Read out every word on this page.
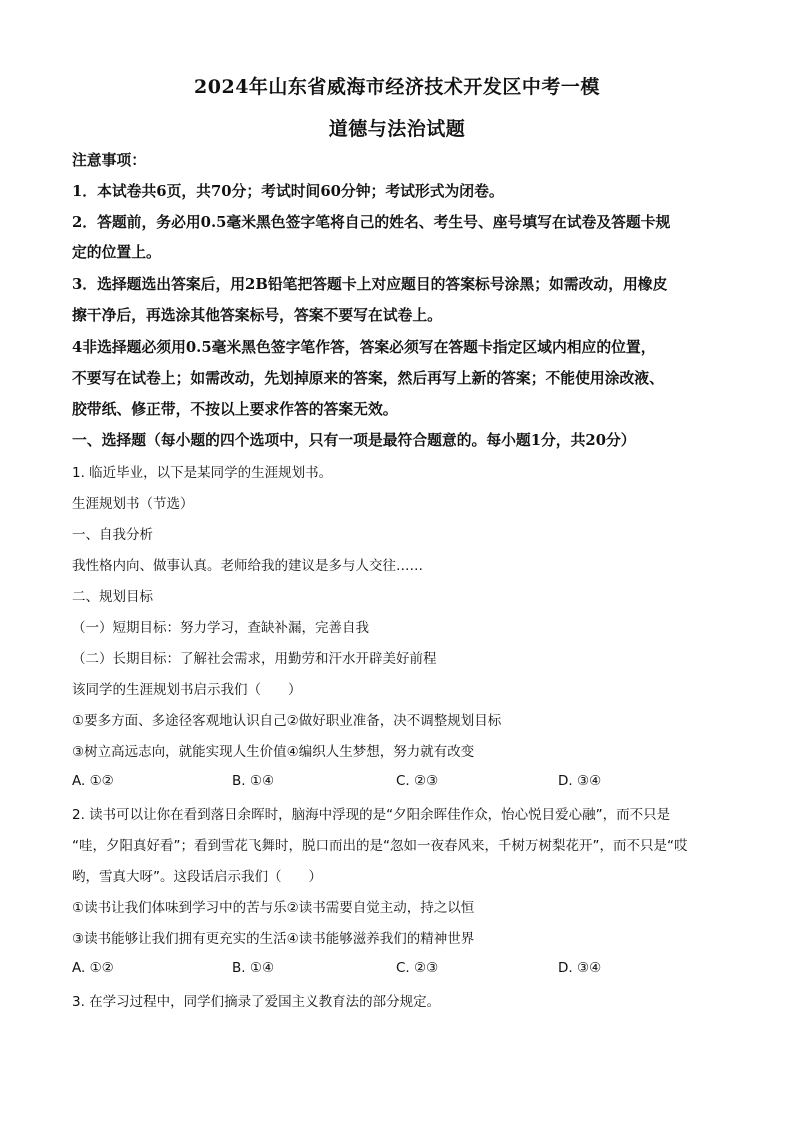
2024年山东省威海市经济技术开发区中考一模
道德与法治试题
注意事项：
1．本试卷共6页，共70分；考试时间60分钟；考试形式为闭卷。
2．答题前，务必用0.5毫米黑色签字笔将自己的姓名、考生号、座号填写在试卷及答题卡规
定的位置上。
3．选择题选出答案后，用2B铅笔把答题卡上对应题目的答案标号涂黑；如需改动，用橡皮
擦干净后，再选涂其他答案标号，答案不要写在试卷上。
4非选择题必须用0.5毫米黑色签字笔作答，答案必须写在答题卡指定区域内相应的位置，
不要写在试卷上；如需改动，先划掉原来的答案，然后再写上新的答案；不能使用涂改液、
胶带纸、修正带，不按以上要求作答的答案无效。
一、选择题（每小题的四个选项中，只有一项是最符合题意的。每小题1分，共20分）
1. 临近毕业，以下是某同学的生涯规划书。
生涯规划书（节选）
一、自我分析
我性格内向、做事认真。老师给我的建议是多与人交往……
二、规划目标
（一）短期目标：努力学习，查缺补漏，完善自我
（二）长期目标：了解社会需求，用勤劳和汗水开辟美好前程
该同学的生涯规划书启示我们（　　）
①要多方面、多途径客观地认识自己②做好职业准备，决不调整规划目标
③树立高远志向，就能实现人生价值④编织人生梦想，努力就有改变
A. ①②	B. ①④	C. ②③	D. ③④
2. 读书可以让你在看到落日余晖时，脑海中浮现的是“夕阳余晖佳作众，怡心悦目爱心融”，而不只是
“哇，夕阳真好看”；看到雪花飞舞时，脱口而出的是“忽如一夜春风来，千树万树梨花开”，而不只是“哎
哟，雪真大呀”。这段话启示我们（　　）
①读书让我们体味到学习中的苦与乐②读书需要自觉主动，持之以恒
③读书能够让我们拥有更充实的生活④读书能够滋养我们的精神世界
A. ①②	B. ①④	C. ②③	D. ③④
3. 在学习过程中，同学们摘录了爱国主义教育法的部分规定。
